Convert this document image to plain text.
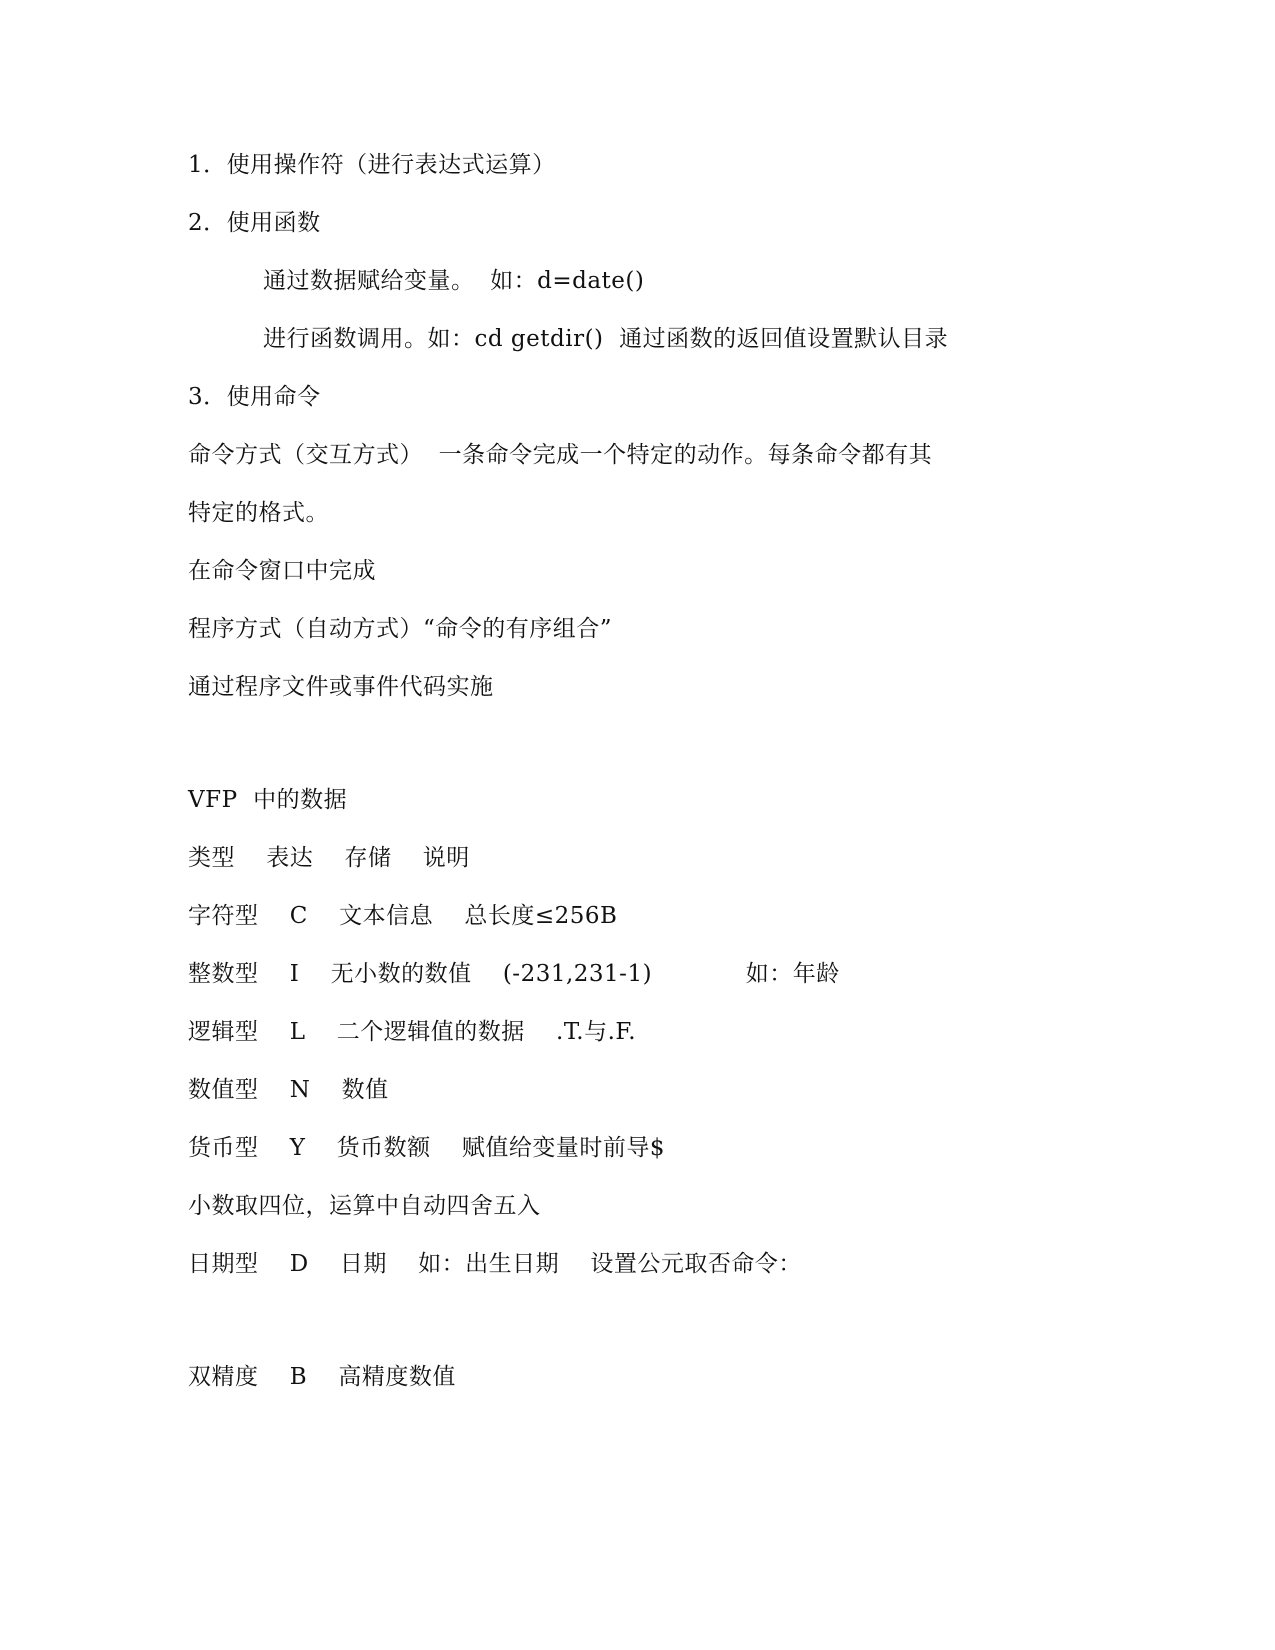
1．使用操作符（进行表达式运算）
2．使用函数
通过数据赋给变量。  如：d=date()
进行函数调用。如：cd getdir()  通过函数的返回值设置默认目录
3．使用命令
命令方式（交互方式）  一条命令完成一个特定的动作。每条命令都有其
特定的格式。
在命令窗口中完成
程序方式（自动方式）“命令的有序组合”
通过程序文件或事件代码实施
VFP  中的数据
类型    表达    存储    说明
字符型    C    文本信息    总长度≤256B
整数型    I    无小数的数值    (-231,231-1)            如：年龄
逻辑型    L    二个逻辑值的数据    .T.与.F.
数值型    N    数值
货币型    Y    货币数额    赋值给变量时前导$
小数取四位，运算中自动四舍五入
日期型    D    日期    如：出生日期    设置公元取否命令：
双精度    B    高精度数值
